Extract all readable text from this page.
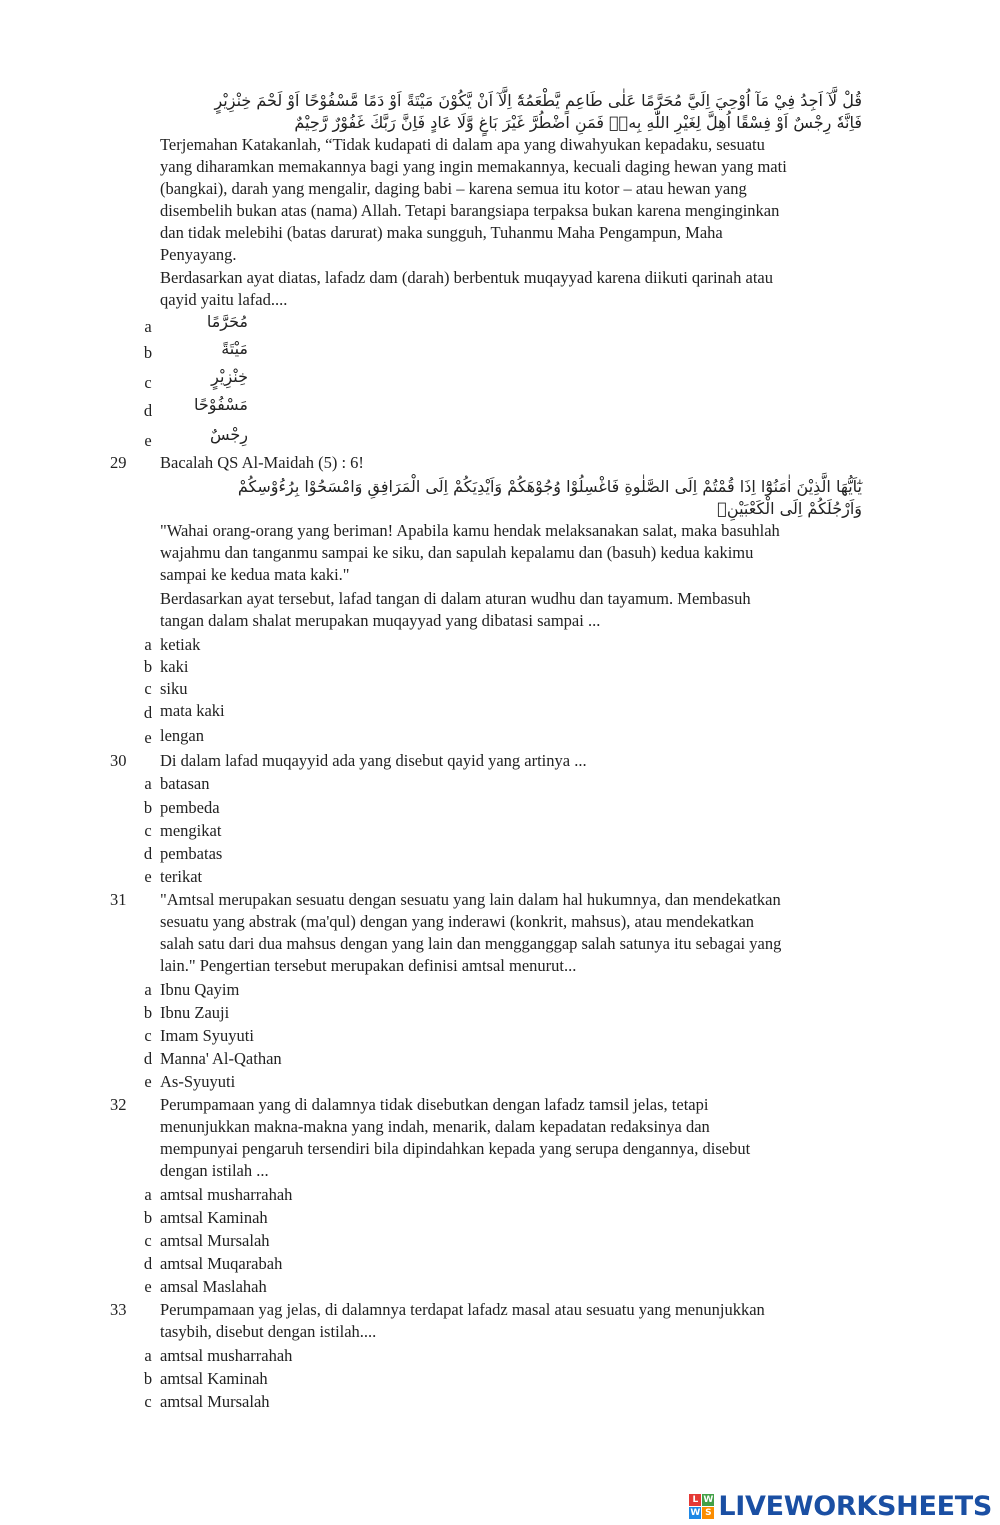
قُلْ لَّآ اَجِدُ فِيْ مَآ اُوْحِيَ اِلَيَّ مُحَرَّمًا عَلٰى طَاعِمٍ يَّطْعَمُهٗٓ اِلَّآ اَنْ يَّكُوْنَ مَيْتَةً اَوْ دَمًا مَّسْفُوْحًا اَوْ لَحْمَ خِنْزِيْرٍ
فَاِنَّهٗ رِجْسٌ اَوْ فِسْقًا اُهِلَّ لِغَيْرِ اللّٰهِ بِهٖۚ فَمَنِ اضْطُرَّ غَيْرَ بَاغٍ وَّلَا عَادٍ فَاِنَّ رَبَّكَ غَفُوْرٌ رَّحِيْمٌ
Terjemahan Katakanlah, “Tidak kudapati di dalam apa yang diwahyukan kepadaku, sesuatu
yang diharamkan memakannya bagi yang ingin memakannya, kecuali daging hewan yang mati
(bangkai), darah yang mengalir, daging babi – karena semua itu kotor – atau hewan yang
disembelih bukan atas (nama) Allah. Tetapi barangsiapa terpaksa bukan karena menginginkan
dan tidak melebihi (batas darurat) maka sungguh, Tuhanmu Maha Pengampun, Maha
Penyayang.
Berdasarkan ayat diatas, lafadz dam (darah) berbentuk muqayyad karena diikuti qarinah atau
qayid yaitu lafad....
a	مُحَرَّمًا
b	مَيْتَةً
c	خِنْزِيْرٍ
d	مَسْفُوْحًا
e	رِجْسٌ
29	Bacalah QS Al-Maidah (5) : 6!
يٰٓاَيُّهَا الَّذِيْنَ اٰمَنُوْٓا اِذَا قُمْتُمْ اِلَى الصَّلٰوةِ فَاغْسِلُوْا وُجُوْهَكُمْ وَاَيْدِيَكُمْ اِلَى الْمَرَافِقِ وَامْسَحُوْا بِرُءُوْسِكُمْ
وَاَرْجُلَكُمْ اِلَى الْكَعْبَيْنِۗ
"Wahai orang-orang yang beriman! Apabila kamu hendak melaksanakan salat, maka basuhlah
wajahmu dan tanganmu sampai ke siku, dan sapulah kepalamu dan (basuh) kedua kakimu
sampai ke kedua mata kaki."
Berdasarkan ayat tersebut, lafad tangan di dalam aturan wudhu dan tayamum. Membasuh
tangan dalam shalat merupakan muqayyad yang dibatasi sampai ...
a ketiak
b kaki
c siku
d mata kaki
e lengan
30	Di dalam lafad muqayyid ada yang disebut qayid yang artinya ...
a batasan
b pembeda
c mengikat
d pembatas
e terikat
31	"Amtsal merupakan sesuatu dengan sesuatu yang lain dalam hal hukumnya, dan mendekatkan
sesuatu yang abstrak (ma'qul) dengan yang inderawi (konkrit, mahsus), atau mendekatkan
salah satu dari dua mahsus dengan yang lain dan mengganggap salah satunya itu sebagai yang
lain." Pengertian tersebut merupakan definisi amtsal menurut...
a Ibnu Qayim
b Ibnu Zauji
c Imam Syuyuti
d Manna' Al-Qathan
e As-Syuyuti
32	Perumpamaan yang di dalamnya tidak disebutkan dengan lafadz tamsil jelas, tetapi
menunjukkan makna-makna yang indah, menarik, dalam kepadatan redaksinya dan
mempunyai pengaruh tersendiri bila dipindahkan kepada yang serupa dengannya, disebut
dengan istilah ...
a amtsal musharrahah
b amtsal Kaminah
c amtsal Mursalah
d amtsal Muqarabah
e amsal Maslahah
33	Perumpamaan yag jelas, di dalamnya terdapat lafadz masal atau sesuatu yang menunjukkan
tasybih, disebut dengan istilah....
a amtsal musharrahah
b amtsal Kaminah
c amtsal Mursalah
L W
W S LIVEWORKSHEETS
